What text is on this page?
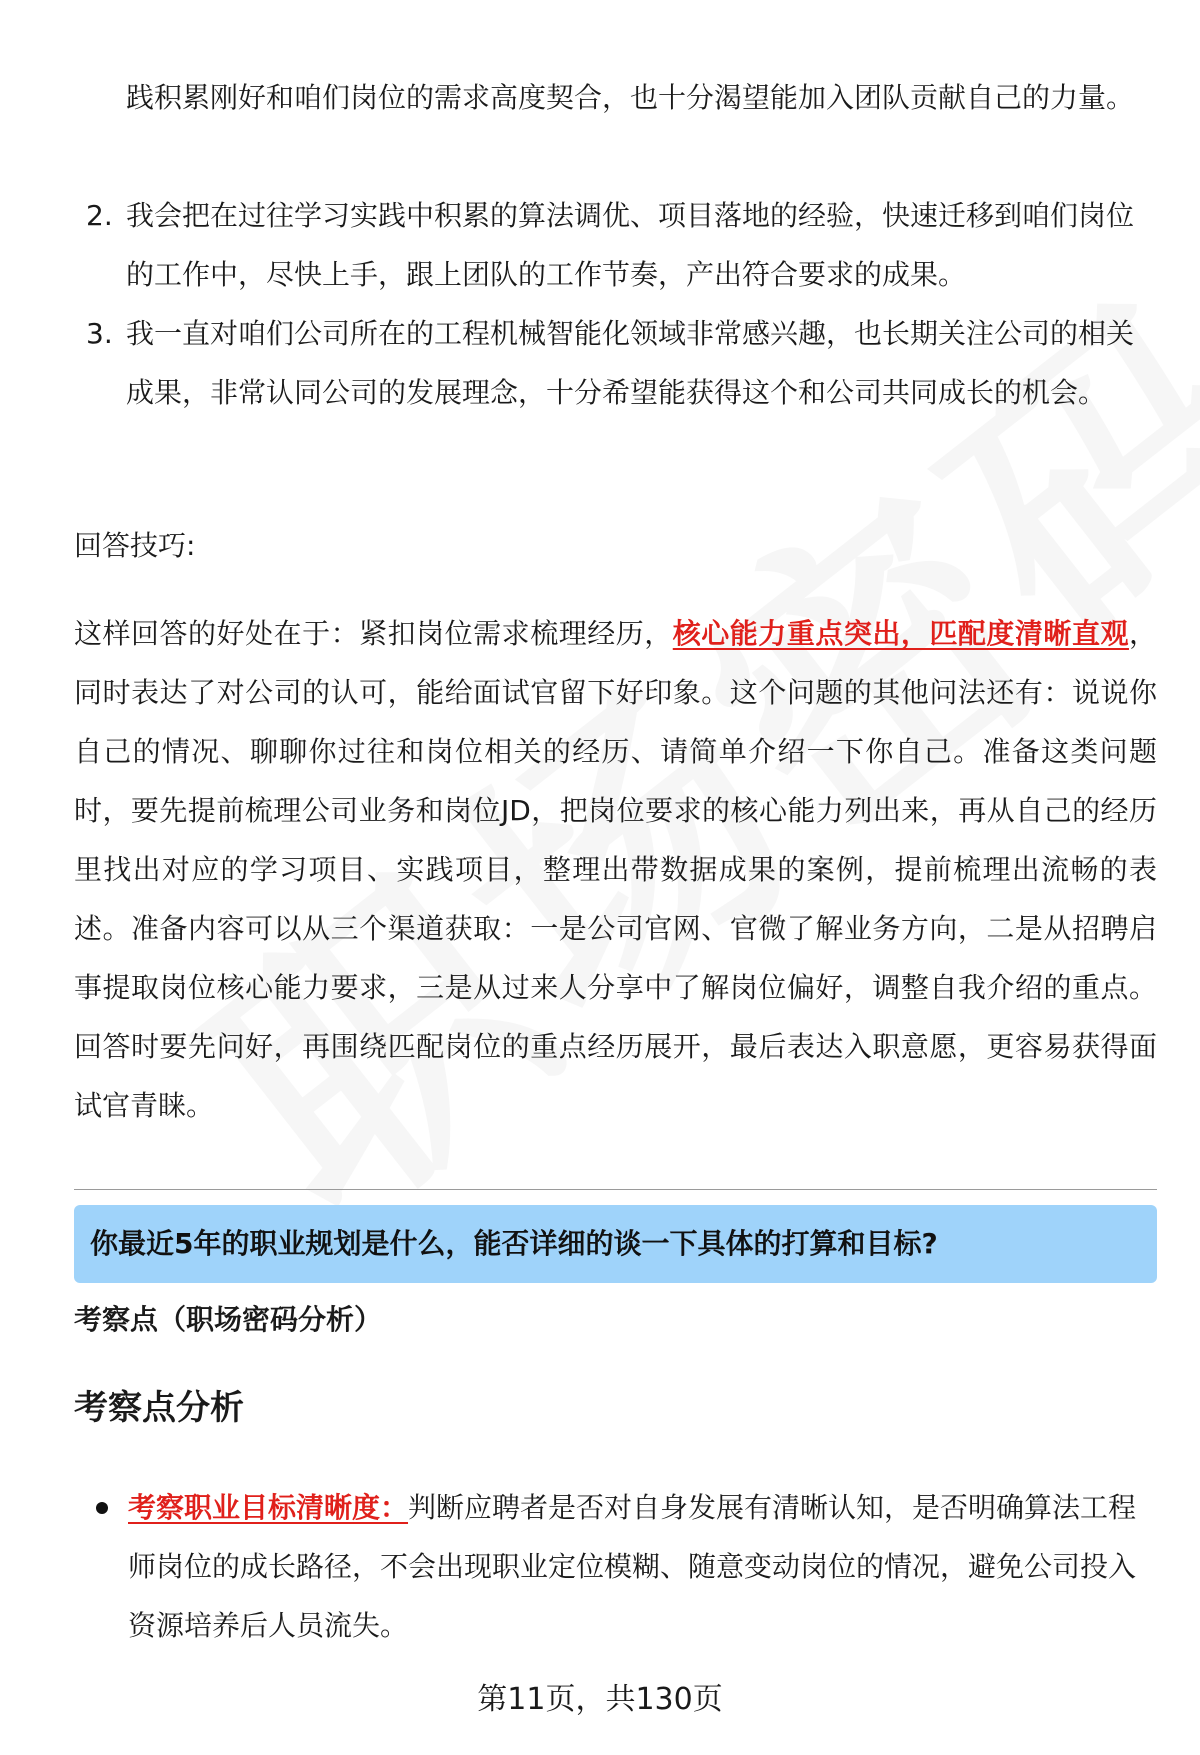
践积累刚好和咱们岗位的需求高度契合，也十分渴望能加入团队贡献自己的力量。
2. 我会把在过往学习实践中积累的算法调优、项目落地的经验，快速迁移到咱们岗位的工作中，尽快上手，跟上团队的工作节奏，产出符合要求的成果。
3. 我一直对咱们公司所在的工程机械智能化领域非常感兴趣，也长期关注公司的相关成果，非常认同公司的发展理念，十分希望能获得这个和公司共同成长的机会。
回答技巧:
这样回答的好处在于：紧扣岗位需求梳理经历，核心能力重点突出，匹配度清晰直观，同时表达了对公司的认可，能给面试官留下好印象。这个问题的其他问法还有：说说你自己的情况、聊聊你过往和岗位相关的经历、请简单介绍一下你自己。准备这类问题时，要先提前梳理公司业务和岗位JD，把岗位要求的核心能力列出来，再从自己的经历里找出对应的学习项目、实践项目，整理出带数据成果的案例，提前梳理出流畅的表述。准备内容可以从三个渠道获取：一是公司官网、官微了解业务方向，二是从招聘启事提取岗位核心能力要求，三是从过来人分享中了解岗位偏好，调整自我介绍的重点。回答时要先问好，再围绕匹配岗位的重点经历展开，最后表达入职意愿，更容易获得面试官青睐。
你最近5年的职业规划是什么，能否详细的谈一下具体的打算和目标?
考察点（职场密码分析）
考察点分析
考察职业目标清晰度：判断应聘者是否对自身发展有清晰认知，是否明确算法工程师岗位的成长路径，不会出现职业定位模糊、随意变动岗位的情况，避免公司投入资源培养后人员流失。
第11页，共130页
